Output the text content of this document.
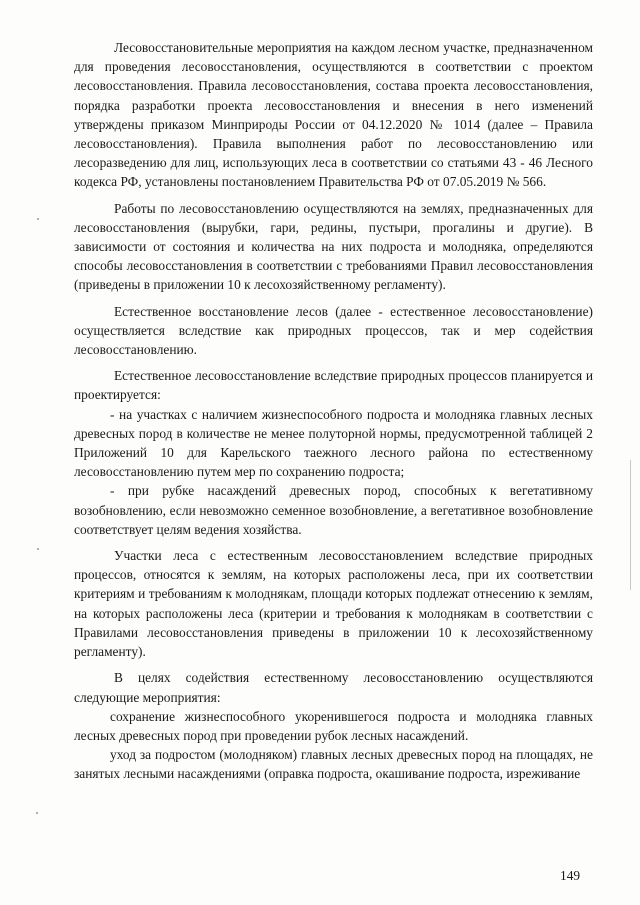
Лесовосстановительные мероприятия на каждом лесном участке, предназначенном для проведения лесовосстановления, осуществляются в соответствии с проектом лесовосстановления. Правила лесовосстановления, состава проекта лесовосстановления, порядка разработки проекта лесовосстановления и внесения в него изменений утверждены приказом Минприроды России от 04.12.2020 № 1014 (далее – Правила лесовосстановления). Правила выполнения работ по лесовосстановлению или лесоразведению для лиц, использующих леса в соответствии со статьями 43 - 46 Лесного кодекса РФ, установлены постановлением Правительства РФ от 07.05.2019 № 566.

Работы по лесовосстановлению осуществляются на землях, предназначенных для лесовосстановления (вырубки, гари, редины, пустыри, прогалины и другие). В зависимости от состояния и количества на них подроста и молодняка, определяются способы лесовосстановления в соответствии с требованиями Правил лесовосстановления (приведены в приложении 10 к лесохозяйственному регламенту).

Естественное восстановление лесов (далее - естественное лесовосстановление) осуществляется вследствие как природных процессов, так и мер содействия лесовосстановлению.

Естественное лесовосстановление вследствие природных процессов планируется и проектируется:

- на участках с наличием жизнеспособного подроста и молодняка главных лесных древесных пород в количестве не менее полуторной нормы, предусмотренной таблицей 2 Приложений 10 для Карельского таежного лесного района по естественному лесовосстановлению путем мер по сохранению подроста;

- при рубке насаждений древесных пород, способных к вегетативному возобновлению, если невозможно семенное возобновление, а вегетативное возобновление соответствует целям ведения хозяйства.

Участки леса с естественным лесовосстановлением вследствие природных процессов, относятся к землям, на которых расположены леса, при их соответствии критериям и требованиям к молоднякам, площади которых подлежат отнесению к землям, на которых расположены леса (критерии и требования к молоднякам в соответствии с Правилами лесовосстановления приведены в приложении 10 к лесохозяйственному регламенту).

В целях содействия естественному лесовосстановлению осуществляются следующие мероприятия:

сохранение жизнеспособного укоренившегося подроста и молодняка главных лесных древесных пород при проведении рубок лесных насаждений.

уход за подростом (молодняком) главных лесных древесных пород на площадях, не занятых лесными насаждениями (оправка подроста, окашивание подроста, изреживание

149
